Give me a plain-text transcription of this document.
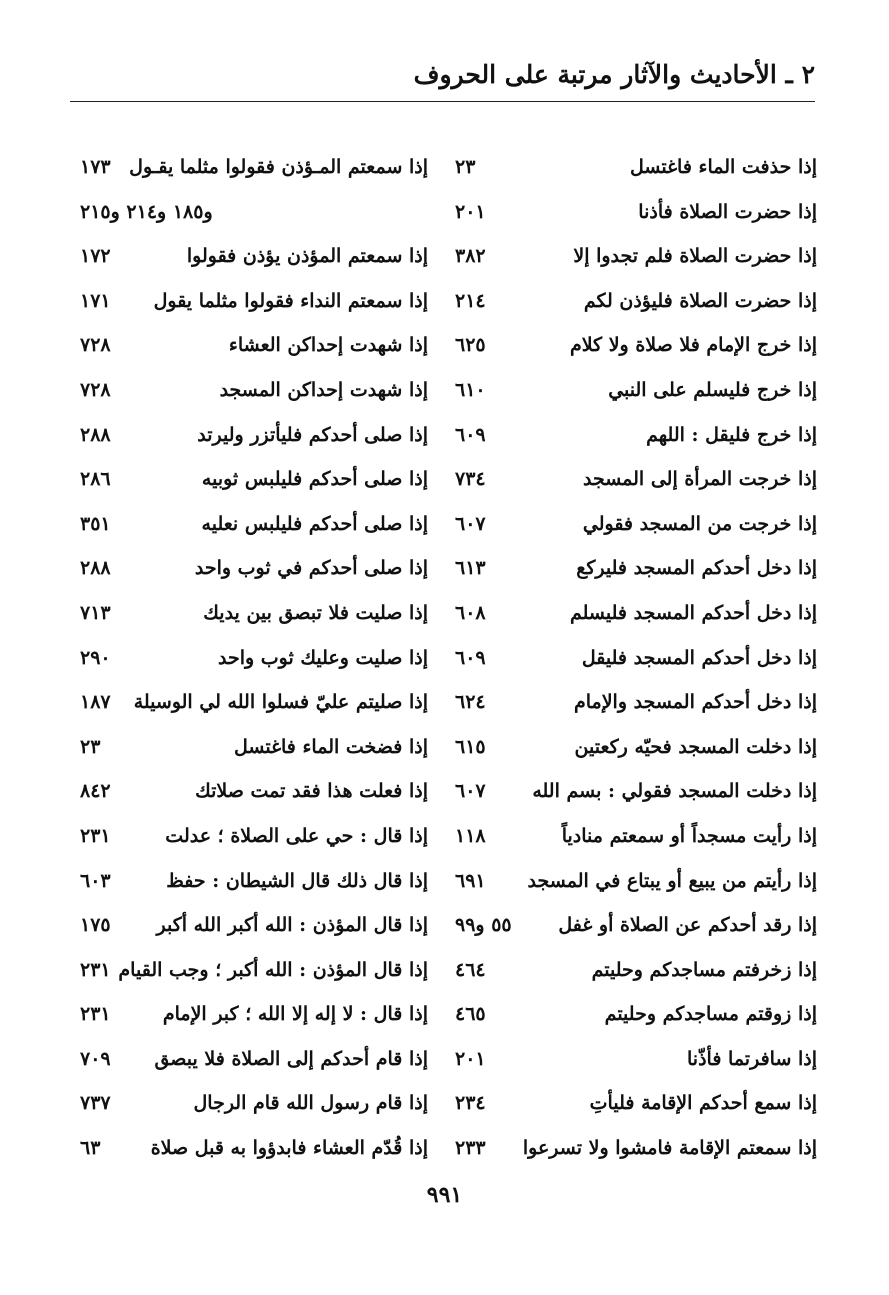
٢ ـ الأحاديث والآثار مرتبة على الحروف
إذا حذفت الماء فاغتسل
٢٣
إذا حضرت الصلاة فأذنا
٢٠١
إذا حضرت الصلاة فلم تجدوا إلا
٣٨٢
إذا حضرت الصلاة فليؤذن لكم
٢١٤
إذا خرج الإمام فلا صلاة ولا كلام
٦٢٥
إذا خرج فليسلم على النبي
٦١٠
إذا خرج فليقل : اللهم
٦٠٩
إذا خرجت المرأة إلى المسجد
٧٣٤
إذا خرجت من المسجد فقولي
٦٠٧
إذا دخل أحدكم المسجد فليركع
٦١٣
إذا دخل أحدكم المسجد فليسلم
٦٠٨
إذا دخل أحدكم المسجد فليقل
٦٠٩
إذا دخل أحدكم المسجد والإمام
٦٢٤
إذا دخلت المسجد فحيّه ركعتين
٦١٥
إذا دخلت المسجد فقولي : بسم الله
٦٠٧
إذا رأيت مسجداً أو سمعتم منادياً
١١٨
إذا رأيتم من يبيع أو يبتاع في المسجد
٦٩١
إذا رقد أحدكم عن الصلاة أو غفل
٥٥ و٩٩
إذا زخرفتم مساجدكم وحليتم
٤٦٤
إذا زوقتم مساجدكم وحليتم
٤٦٥
إذا سافرتما فأذّنا
٢٠١
إذا سمع أحدكم الإقامة فليأتِ
٢٣٤
إذا سمعتم الإقامة فامشوا ولا تسرعوا
٢٣٣
إذا سمعتم المـؤذن فقولوا مثلما يقـول
١٧٣
و١٨٥ و٢١٤ و٢١٥
إذا سمعتم المؤذن يؤذن فقولوا
١٧٢
إذا سمعتم النداء فقولوا مثلما يقول
١٧١
إذا شهدت إحداكن العشاء
٧٢٨
إذا شهدت إحداكن المسجد
٧٢٨
إذا صلى أحدكم فليأتزر وليرتد
٢٨٨
إذا صلى أحدكم فليلبس ثوبيه
٢٨٦
إذا صلى أحدكم فليلبس نعليه
٣٥١
إذا صلى أحدكم في ثوب واحد
٢٨٨
إذا صليت فلا تبصق بين يديك
٧١٣
إذا صليت وعليك ثوب واحد
٢٩٠
إذا صليتم عليّ فسلوا الله لي الوسيلة
١٨٧
إذا فضخت الماء فاغتسل
٢٣
إذا فعلت هذا فقد تمت صلاتك
٨٤٢
إذا قال : حي على الصلاة ؛ عدلت
٢٣١
إذا قال ذلك قال الشيطان : حفظ
٦٠٣
إذا قال المؤذن : الله أكبر الله أكبر
١٧٥
إذا قال المؤذن : الله أكبر ؛ وجب القيام
٢٣١
إذا قال : لا إله إلا الله ؛ كبر الإمام
٢٣١
إذا قام أحدكم إلى الصلاة فلا يبصق
٧٠٩
إذا قام رسول الله قام الرجال
٧٣٧
إذا قُدّم العشاء فابدؤوا به قبل صلاة
٦٣
٩٩١
